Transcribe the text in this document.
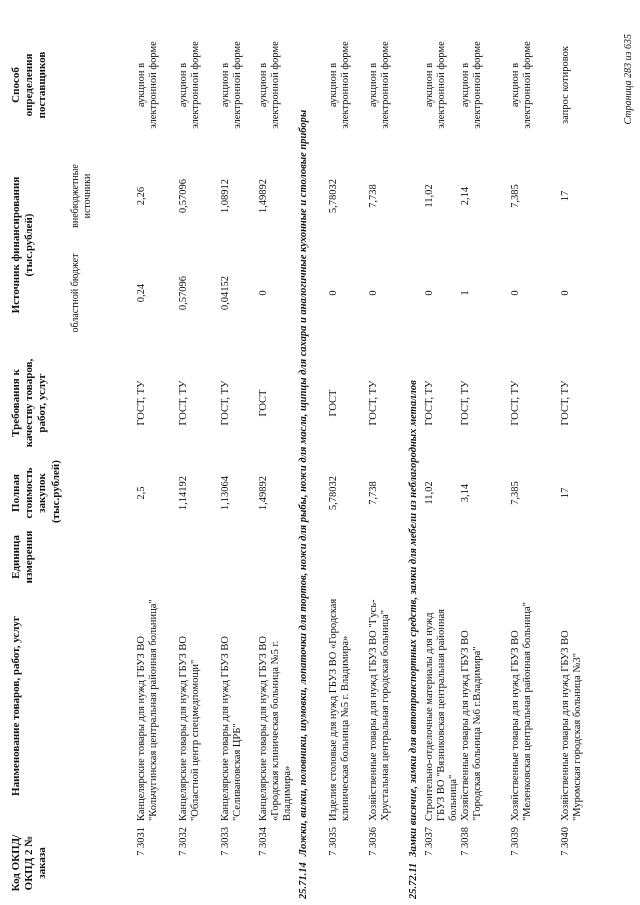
Код ОКПД/ ОКПД 2 № заказа
Наименование товаров, работ, услуг
Единица измерения
Полная стоимость закупок (тыс.рублей)
Требования к качеству товаров, работ, услуг
Источник финансирования (тыс.рублей)
областной бюджет
внебюджетные источники
Способ определения поставщиков
7 3031
Канцелярские товары для нужд ГБУЗ ВО "Кольчугинская центральная районная больница"
2,5
ГОСТ, ТУ
0,24
2,26
аукцион в электронной форме
7 3032
Канцелярские товары для нужд ГБУЗ ВО "Областной центр спецмедпомощи"
1,14192
ГОСТ, ТУ
0,57096
0,57096
аукцион в электронной форме
7 3033
Канцелярские товары для нужд ГБУЗ ВО "Селивановская ЦРБ"
1,13064
ГОСТ, ТУ
0,04152
1,08912
аукцион в электронной форме
7 3034
Канцелярские товары для нужд ГБУЗ ВО «Городская клиническая больница №5 г. Владимира»
1,49892
ГОСТ
0
1,49892
аукцион в электронной форме
25.71.14Ложки, вилки, половники, шумовки, лопаточки для тортов, ножи для рыбы, ножи для масла, щипцы для сахара и аналогичные кухонные и столовые приборы 7 3035
Изделия столовые для нужд ГБУЗ ВО «Городская клиническая больница №5 г. Владимира»
5,78032
ГОСТ
0
5,78032
аукцион в электронной форме
7 3036
Хозяйственные товары для нужд ГБУЗ ВО "Гусь-Хрустальная центральная городская больница"
7,738
ГОСТ, ТУ
0
7,738
аукцион в электронной форме
25.72.11Замки висячие, замки для автотранспортных средств, замки для мебели из неблагородных металлов 7 3037
Строительно-отделочные материалы для нужд ГБУЗ ВО "Вязниковская центральная районная больница"
11,02
ГОСТ, ТУ
0
11,02
аукцион в электронной форме
7 3038
Хозяйственные товары для нужд ГБУЗ ВО "Городская больница №6 г.Владимира"
3,14
ГОСТ, ТУ
1
2,14
аукцион в электронной форме
7 3039
Хозяйственные товары для нужд ГБУЗ ВО "Меленковская центральная районная больница"
7,385
ГОСТ, ТУ
0
7,385
аукцион в электронной форме
7 3040
Хозяйственные товары для нужд ГБУЗ ВО "Муромская городская больница №3"
17
ГОСТ, ТУ
0
17
запрос котировок	Страница 283 из 635
